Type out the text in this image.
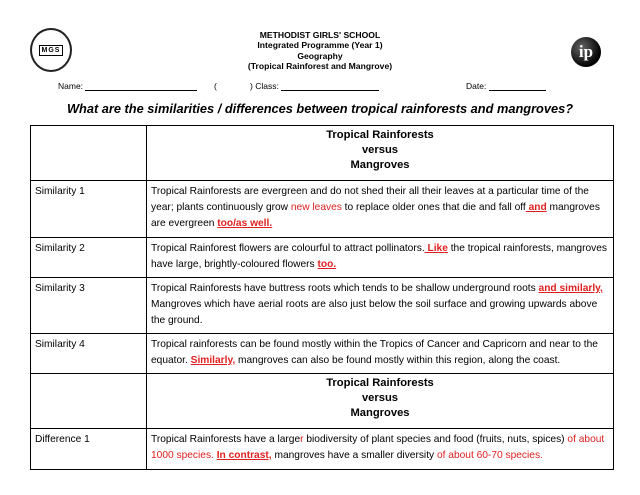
MGS	ip
METHODIST GIRLS' SCHOOL
Integrated Programme (Year 1)
Geography
(Tropical Rainforest and Mangrove)
Name:	(	) Class:	Date:
What are the similarities / differences between tropical rainforests and mangroves?

	Tropical Rainforests
versus
Mangroves

Similarity 1	Tropical Rainforests are evergreen and do not shed their all their leaves at a particular time of the year; plants continuously grow new leaves to replace older ones that die and fall off and mangroves are evergreen too/as well.
Similarity 2	Tropical Rainforest flowers are colourful to attract pollinators. Like the tropical rainforests, mangroves have large, brightly-coloured flowers too.
Similarity 3	Tropical Rainforests have buttress roots which tends to be shallow underground roots and similarly, Mangroves which have aerial roots are also just below the soil surface and growing upwards above the ground.
Similarity 4	Tropical rainforests can be found mostly within the Tropics of Cancer and Capricorn and near to the equator. Similarly, mangroves can also be found mostly within this region, along the coast.

	Tropical Rainforests
versus
Mangroves

Difference 1	Tropical Rainforests have a larger biodiversity of plant species and food (fruits, nuts, spices) of about 1000 species. In contrast, mangroves have a smaller diversity of about 60-70 species.
